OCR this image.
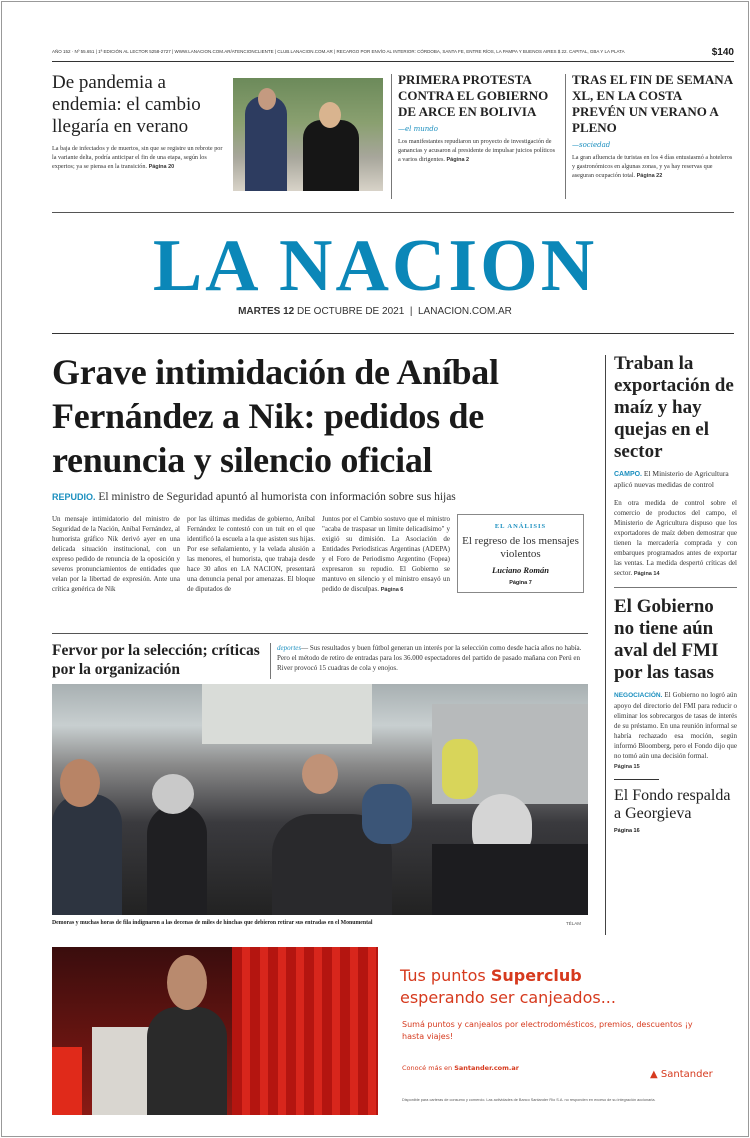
AÑO 152 · Nº 55.651 | 1ª EDICIÓN AL LECTOR 5258-2727 | WWW.LANACION.COM.AR/ATENCIONCLIENTE | CLUB.LANACION.COM.AR | RECARGO POR ENVÍO AL INTERIOR: CÓRDOBA, SANTA FE, ENTRE RÍOS, LA PAMPA Y BUENOS AIRES $ 22. CAPITAL, GBA Y LA PLATA	$140
De pandemia a endemia: el cambio llegaría en verano
La baja de infectados y de muertos, sin que se registre un rebrote por la variante delta, podría anticipar el fin de una etapa, según los expertos; ya se piensa en la transición. Página 20
PRIMERA PROTESTA CONTRA EL GOBIERNO DE ARCE EN BOLIVIA
—el mundo
Los manifestantes repudiaron un proyecto de investigación de ganancias y acusaron al presidente de impulsar juicios políticos a varios dirigentes. Página 2
TRAS EL FIN DE SEMANA XL, EN LA COSTA PREVÉN UN VERANO A PLENO
—sociedad
La gran afluencia de turistas en los 4 días entusiasmó a hoteleros y gastronómicos en algunas zonas, y ya hay reservas que aseguran ocupación total. Página 22
LA NACION
MARTES 12 DE OCTUBRE DE 2021  |  LANACION.COM.AR
Grave intimidación de Aníbal Fernández a Nik: pedidos de renuncia y silencio oficial
REPUDIO. El ministro de Seguridad apuntó al humorista con información sobre sus hijas
Un mensaje intimidatorio del ministro de Seguridad de la Nación, Aníbal Fernández, al humorista gráfico Nik derivó ayer en una delicada situación institucional, con un expreso pedido de renuncia de la oposición y severos pronunciamientos de entidades que velan por la libertad de expresión. Ante una crítica genérica de Nik
por las últimas medidas de gobierno, Aníbal Fernández le contestó con un tuit en el que identificó la escuela a la que asisten sus hijas. Por ese señalamiento, y la velada alusión a las menores, el humorista, que trabaja desde hace 30 años en LA NACION, presentará una denuncia penal por amenazas. El bloque de diputados de
Juntos por el Cambio sostuvo que el ministro "acaba de traspasar un límite delicadísimo" y exigió su dimisión. La Asociación de Entidades Periodísticas Argentinas (ADEPA) y el Foro de Periodismo Argentino (Fopea) expresaron su repudio. El Gobierno se mantuvo en silencio y el ministro ensayó un pedido de disculpas. Página 6
EL ANÁLISIS
El regreso de los mensajes violentos
Luciano Román
Página 7
Fervor por la selección; críticas por la organización
deportes— Sus resultados y buen fútbol generan un interés por la selección como desde hacía años no había. Pero el método de retiro de entradas para los 36.000 espectadores del partido de pasado mañana con Perú en River provocó 15 cuadras de cola y enojos.
Demoras y muchas horas de fila indignaron a las decenas de miles de hinchas que debieron retirar sus entradas en el Monumental	TÉLAM
Traban la exportación de maíz y hay quejas en el sector
CAMPO. El Ministerio de Agricultura aplicó nuevas medidas de control
En otra medida de control sobre el comercio de productos del campo, el Ministerio de Agricultura dispuso que los exportadores de maíz deben demostrar que tienen la mercadería comprada y con embarques programados antes de exportar las ventas. La medida despertó críticas del sector. Página 14
El Gobierno no tiene aún aval del FMI por las tasas
NEGOCIACIÓN. El Gobierno no logró aún apoyo del directorio del FMI para reducir o eliminar los sobrecargos de tasas de interés de su préstamo. En una reunión informal se habría rechazado esa moción, según informó Bloomberg, pero el Fondo dijo que no tomó aún una decisión formal.
Página 15
El Fondo respalda a Georgieva
Página 16
Tus puntos Superclub
esperando ser canjeados...
Sumá puntos y canjealos por electrodomésticos, premios, descuentos ¡y hasta viajes!
Conocé más en Santander.com.ar
▲ Santander
Disponible para carteras de consumo y comercio. Las actividades de Banco Santander Río S.A. no responden en exceso de su integración accionaria.
